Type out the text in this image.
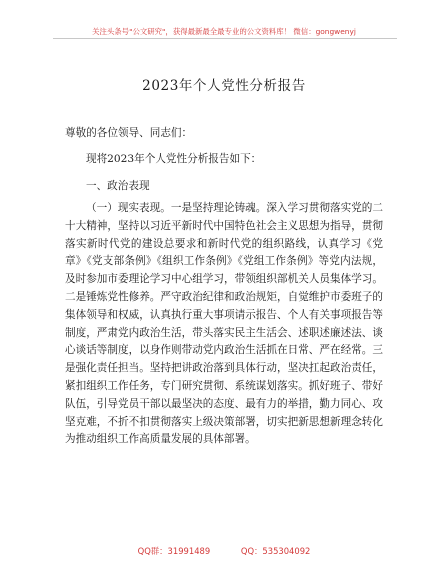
关注头条号"公文研究"，获得最新最全最专业的公文资料库！ 微信：gongwenyj
2023年个人党性分析报告
尊敬的各位领导、同志们：
现将2023年个人党性分析报告如下：
一、政治表现
（一）现实表现。一是坚持理论铸魂。深入学习贯彻落实党的二十大精神，坚持以习近平新时代中国特色社会主义思想为指导，贯彻落实新时代党的建设总要求和新时代党的组织路线，认真学习《党章》《党支部条例》《组织工作条例》《党组工作条例》等党内法规，及时参加市委理论学习中心组学习，带领组织部机关人员集体学习。二是锤炼党性修养。严守政治纪律和政治规矩，自觉维护市委班子的集体领导和权威，认真执行重大事项请示报告、个人有关事项报告等制度，严肃党内政治生活，带头落实民主生活会、述职述廉述法、谈心谈话等制度，以身作则带动党内政治生活抓在日常、严在经常。三是强化责任担当。坚持把讲政治落到具体行动，坚决扛起政治责任，紧扣组织工作任务，专门研究贯彻、系统谋划落实。抓好班子、带好队伍，引导党员干部以最坚决的态度、最有力的举措，勤力同心、攻坚克难，不折不扣贯彻落实上级决策部署，切实把新思想新理念转化为推动组织工作高质量发展的具体部署。
QQ群：31991489	QQ：535304092
